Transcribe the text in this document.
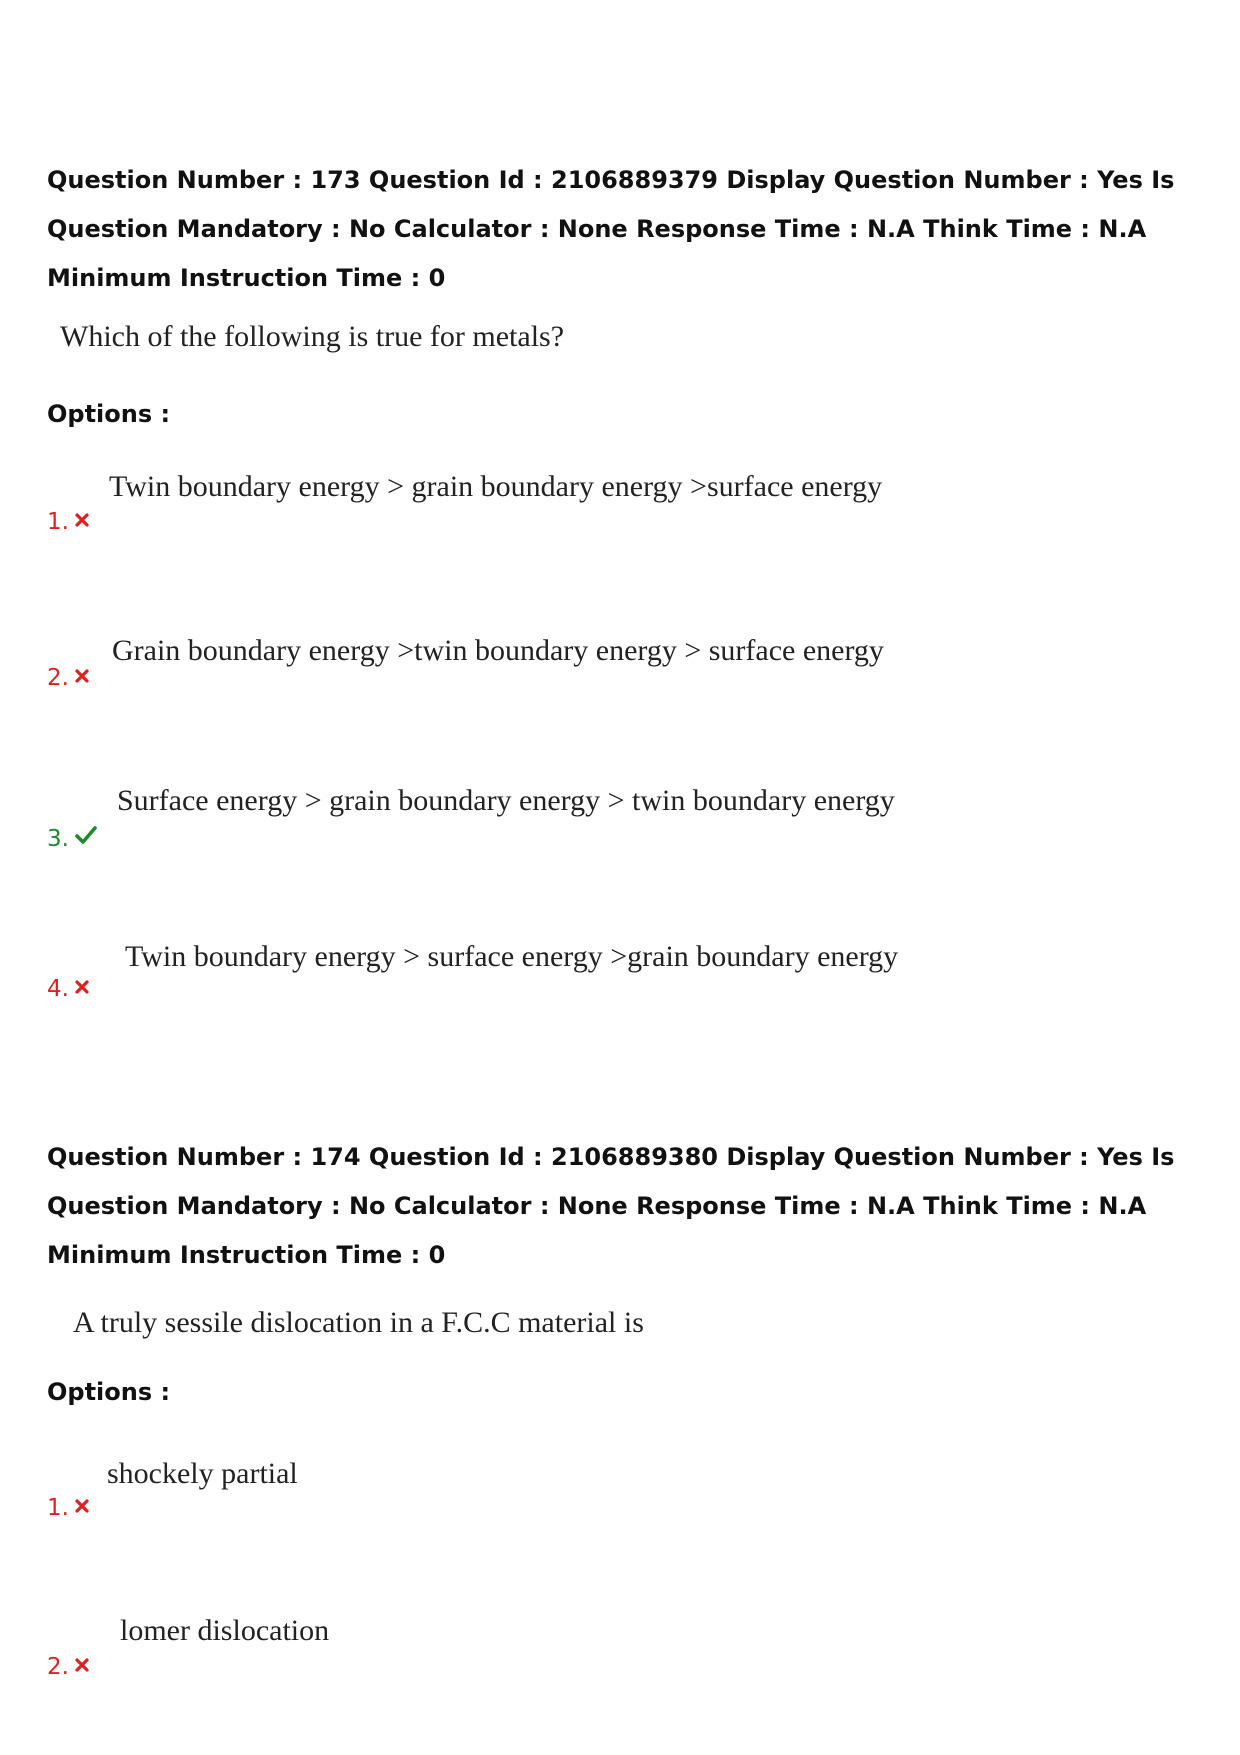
Question Number : 173 Question Id : 2106889379 Display Question Number : Yes Is Question Mandatory : No Calculator : None Response Time : N.A Think Time : N.A Minimum Instruction Time : 0
Which of the following is true for metals?
Options :
Twin boundary energy > grain boundary energy >surface energy
1.
Grain boundary energy >twin boundary energy > surface energy
2.
Surface energy > grain boundary energy > twin boundary energy
3.
Twin boundary energy > surface energy >grain boundary energy
4.
Question Number : 174 Question Id : 2106889380 Display Question Number : Yes Is Question Mandatory : No Calculator : None Response Time : N.A Think Time : N.A Minimum Instruction Time : 0
A truly sessile dislocation in a F.C.C material is
Options :
shockely partial
1.
lomer dislocation
2.
